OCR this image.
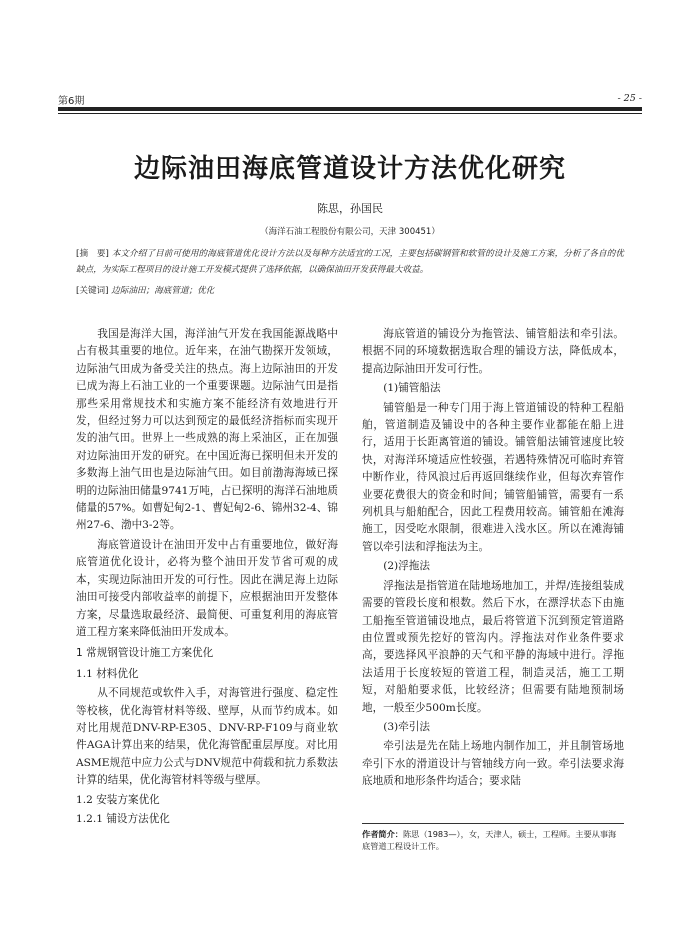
第6期	- 25 -
边际油田海底管道设计方法优化研究
陈思，孙国民
（海洋石油工程股份有限公司，天津 300451）
[摘　要] 本文介绍了目前可使用的海底管道优化设计方法以及每种方法适宜的工况，主要包括碳钢管和软管的设计及施工方案，分析了各自的优缺点，为实际工程项目的设计施工开发模式提供了选择依据，以确保油田开发获得最大收益。
[关键词] 边际油田；海底管道；优化

我国是海洋大国，海洋油气开发在我国能源战略中占有极其重要的地位。近年来，在油气勘探开发领域，边际油气田成为备受关注的热点。海上边际油田的开发已成为海上石油工业的一个重要课题。边际油气田是指那些采用常规技术和实施方案不能经济有效地进行开发，但经过努力可以达到预定的最低经济指标而实现开发的油气田。世界上一些成熟的海上采油区，正在加强对边际油田开发的研究。在中国近海已探明但未开发的多数海上油气田也是边际油气田。如目前渤海海域已探明的边际油田储量9741万吨，占已探明的海洋石油地质储量的57%。如曹妃甸2-1、曹妃甸2-6、锦州32-4、锦州27-6、渤中3-2等。

海底管道设计在油田开发中占有重要地位，做好海底管道优化设计，必将为整个油田开发节省可观的成本，实现边际油田开发的可行性。因此在满足海上边际油田可接受内部收益率的前提下，应根据油田开发整体方案，尽量选取最经济、最简便、可重复利用的海底管道工程方案来降低油田开发成本。

1 常规钢管设计施工方案优化

1.1 材料优化

从不同规范或软件入手，对海管进行强度、稳定性等校核，优化海管材料等级、壁厚，从而节约成本。如对比用规范DNV-RP-E305、DNV-RP-F109与商业软件AGA计算出来的结果，优化海管配重层厚度。对比用ASME规范中应力公式与DNV规范中荷载和抗力系数法计算的结果，优化海管材料等级与壁厚。

1.2 安装方案优化

1.2.1 铺设方法优化

海底管道的铺设分为拖管法、铺管船法和牵引法。根据不同的环境数据选取合理的铺设方法，降低成本，提高边际油田开发可行性。

(1)铺管船法

铺管船是一种专门用于海上管道铺设的特种工程船舶，管道制造及铺设中的各种主要作业都能在船上进行，适用于长距离管道的铺设。铺管船法铺管速度比较快，对海洋环境适应性较强，若遇特殊情况可临时弃管中断作业，待风浪过后再返回继续作业，但每次弃管作业要花费很大的资金和时间；铺管船铺管，需要有一系列机具与船舶配合，因此工程费用较高。铺管船在滩海施工，因受吃水限制，很难进入浅水区。所以在滩海铺管以牵引法和浮拖法为主。

(2)浮拖法

浮拖法是指管道在陆地场地加工，并焊/连接组装成需要的管段长度和根数。然后下水，在漂浮状态下由施工船拖至管道铺设地点，最后将管道下沉到预定管道路由位置或预先挖好的管沟内。浮拖法对作业条件要求高，要选择风平浪静的天气和平静的海域中进行。浮拖法适用于长度较短的管道工程，制造灵活，施工工期短，对船舶要求低，比较经济；但需要有陆地预制场地，一般至少500m长度。

(3)牵引法

牵引法是先在陆上场地内制作加工，并且制管场地牵引下水的滑道设计与管轴线方向一致。牵引法要求海底地质和地形条件均适合；要求陆

作者简介：陈思（1983—），女，天津人，硕士，工程师。主要从事海底管道工程设计工作。
